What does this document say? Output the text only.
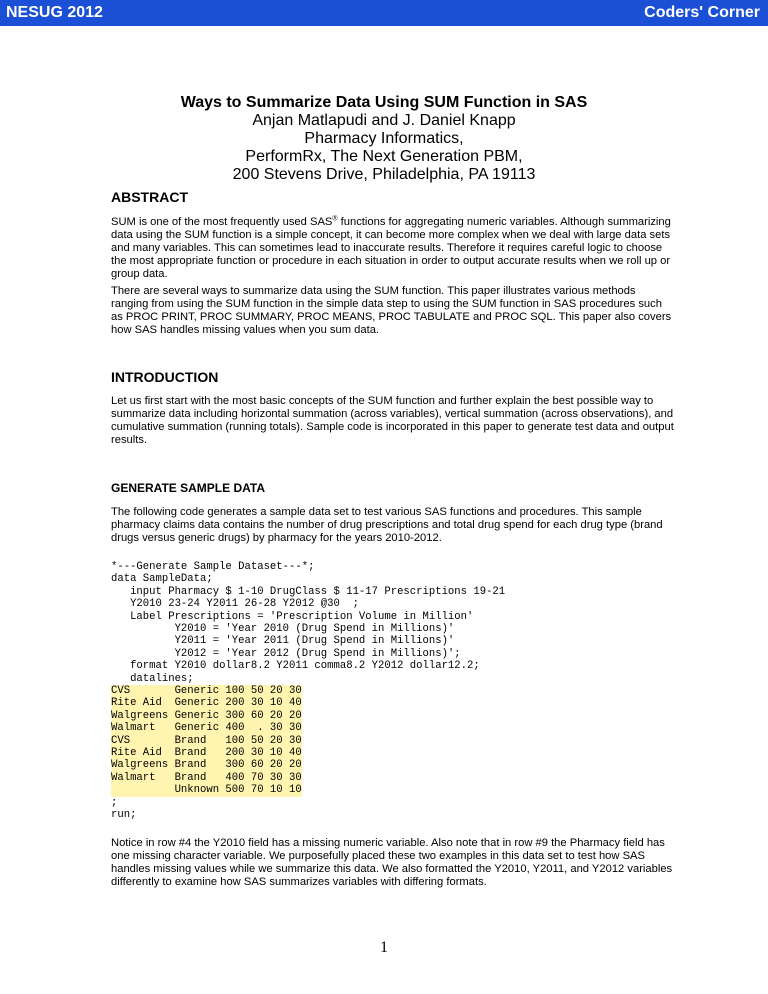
NESUG 2012	Coders' Corner
Ways to Summarize Data Using SUM Function in SAS
Anjan Matlapudi and J. Daniel Knapp
Pharmacy Informatics,
PerformRx, The Next Generation PBM,
200 Stevens Drive, Philadelphia, PA 19113
ABSTRACT

SUM is one of the most frequently used SAS® functions for aggregating numeric variables. Although summarizing data using the SUM function is a simple concept, it can become more complex when we deal with large data sets and many variables. This can sometimes lead to inaccurate results. Therefore it requires careful logic to choose the most appropriate function or procedure in each situation in order to output accurate results when we roll up or group data.

There are several ways to summarize data using the SUM function. This paper illustrates various methods ranging from using the SUM function in the simple data step to using the SUM function in SAS procedures such as PROC PRINT, PROC SUMMARY, PROC MEANS, PROC TABULATE and PROC SQL. This paper also covers how SAS handles missing values when you sum data.

INTRODUCTION

Let us first start with the most basic concepts of the SUM function and further explain the best possible way to summarize data including horizontal summation (across variables), vertical summation (across observations), and cumulative summation (running totals). Sample code is incorporated in this paper to generate test data and output results.

GENERATE SAMPLE DATA

The following code generates a sample data set to test various SAS functions and procedures. This sample pharmacy claims data contains the number of drug prescriptions and total drug spend for each drug type (brand drugs versus generic drugs) by pharmacy for the years 2010-2012.

*---Generate Sample Dataset---*;
data SampleData;
input Pharmacy $ 1-10 DrugClass $ 11-17 Prescriptions 19-21
Y2010 23-24 Y2011 26-28 Y2012 @30  ;
Label Prescriptions = 'Prescription Volume in Million'
Y2010 = 'Year 2010 (Drug Spend in Millions)'
Y2011 = 'Year 2011 (Drug Spend in Millions)'
Y2012 = 'Year 2012 (Drug Spend in Millions)';
format Y2010 dollar8.2 Y2011 comma8.2 Y2012 dollar12.2;
datalines;
CVS       Generic 100 50 20 30
Rite Aid  Generic 200 30 10 40
Walgreens Generic 300 60 20 20
Walmart   Generic 400  . 30 30
CVS       Brand   100 50 20 30
Rite Aid  Brand   200 30 10 40
Walgreens Brand   300 60 20 20
Walmart   Brand   400 70 30 30
Unknown 500 70 10 10
;
run;

Notice in row #4 the Y2010 field has a missing numeric variable. Also note that in row #9 the Pharmacy field has one missing character variable. We purposefully placed these two examples in this data set to test how SAS handles missing values while we summarize this data. We also formatted the Y2010, Y2011, and Y2012 variables differently to examine how SAS summarizes variables with differing formats.

1
